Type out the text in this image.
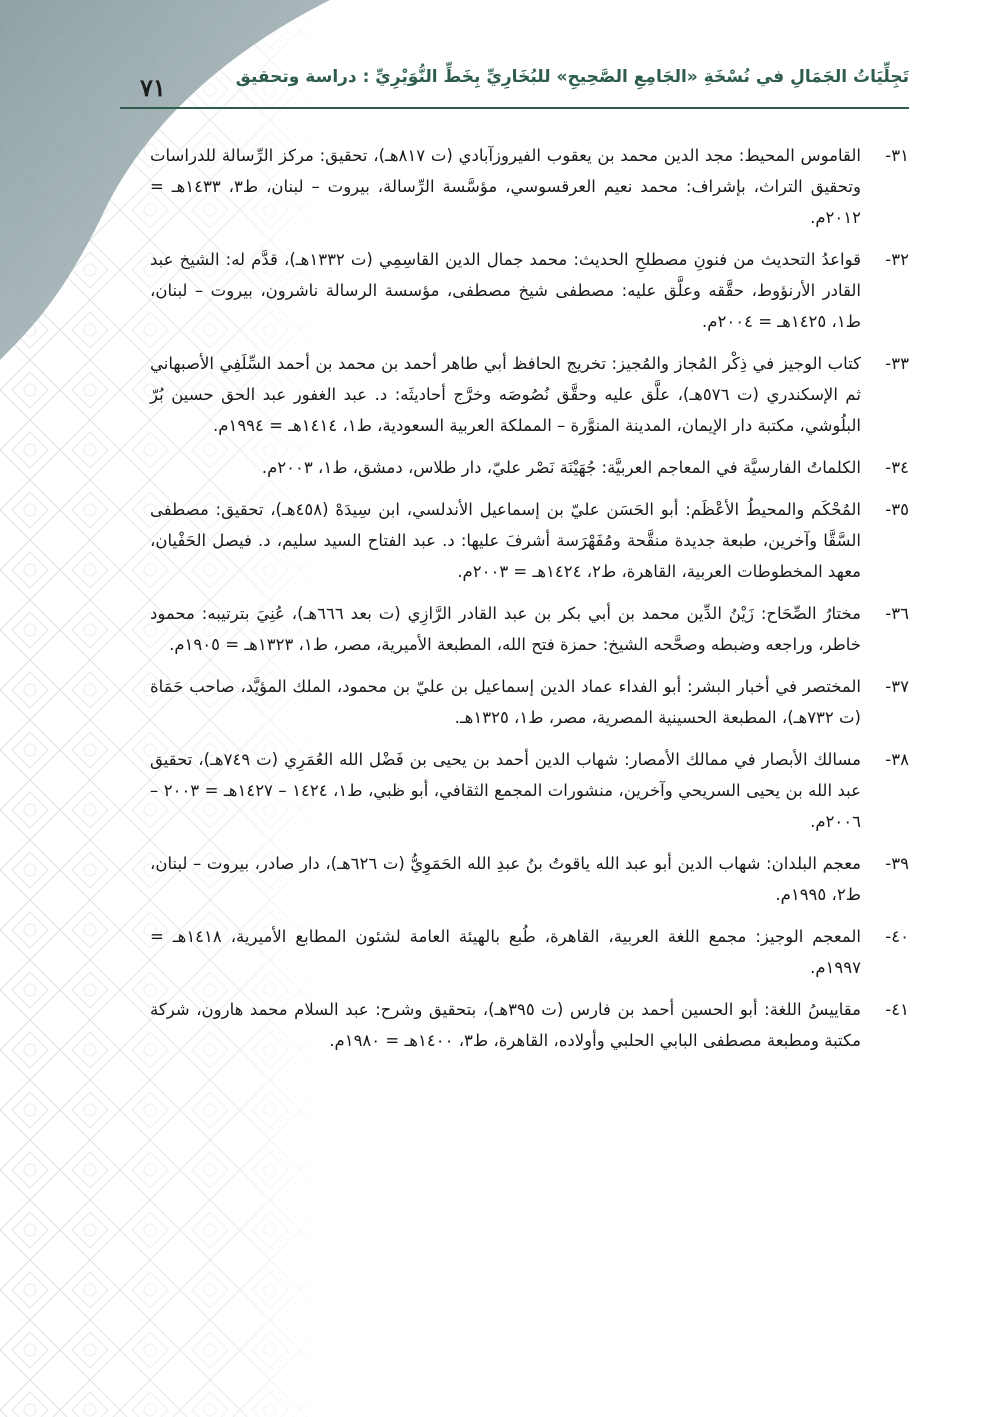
٧١	تَجِلِّيَاتُ الجَمَالِ في نُسْخَةِ «الجَامِعِ الصَّحِيحِ» للبُخَارِيِّ بِخَطِّ النُّوَيْرِيِّ : دراسة وتحقيق
٣١-
القاموس المحيط: مجد الدين محمد بن يعقوب الفيروزآبادي (ت ٨١٧هـ)، تحقيق: مركز الرِّسالة للدراسات وتحقيق التراث، بإشراف: محمد نعيم العرقسوسي، مؤسَّسة الرِّسالة، بيروت – لبنان، ط٣، ١٤٣٣هـ = ٢٠١٢م.
٣٢-
قواعدُ التحديث من فنونِ مصطلحِ الحديث: محمد جمال الدين القاسِمِي (ت ١٣٣٢هـ)، قدَّم له: الشيخ عبد القادر الأرنؤوط، حقَّقه وعلَّق عليه: مصطفى شيخ مصطفى، مؤسسة الرسالة ناشرون، بيروت – لبنان، ط١، ١٤٢٥هـ = ٢٠٠٤م.
٣٣-
كتاب الوجيز في ذِكْر المُجاز والمُجيز: تخريج الحافظ أبي طاهر أحمد بن محمد بن أحمد السِّلَفِي الأصبهاني ثم الإسكندري (ت ٥٧٦هـ)، علَّق عليه وحقَّق نُصُوصَه وخرَّج أحاديثَه: د. عبد الغفور عبد الحق حسين بُرّ البلُوشي، مكتبة دار الإيمان، المدينة المنوَّرة – المملكة العربية السعودية، ط١، ١٤١٤هـ = ١٩٩٤م.
٣٤-
الكلماتُ الفارسيَّة في المعاجم العربيَّة: جُهَيْنَة نَصْر عليّ، دار طلاس، دمشق، ط١، ٢٠٠٣م.
٣٥-
المُحْكَم والمحيطُ الأعْظَم: أبو الحَسَن عليّ بن إسماعيل الأندلسي، ابن سِيدَهْ (٤٥٨هـ)، تحقيق: مصطفى السَّقَّا وآخرين، طبعة جديدة منقَّحة ومُفَهْرَسة أشرفَ عليها: د. عبد الفتاح السيد سليم، د. فيصل الحَفْيان، معهد المخطوطات العربية، القاهرة، ط٢، ١٤٢٤هـ = ٢٠٠٣م.
٣٦-
مختارُ الصِّحَاح: زَيْنُ الدِّين محمد بن أبي بكر بن عبد القادر الرَّازِي (ت بعد ٦٦٦هـ)، عُنِيَ بترتيبه: محمود خاطر، وراجعه وضبطه وصحَّحه الشيخ: حمزة فتح الله، المطبعة الأميرية، مصر، ط١، ١٣٢٣هـ = ١٩٠٥م.
٣٧-
المختصر في أخبار البشر: أبو الفداء عماد الدين إسماعيل بن عليّ بن محمود، الملك المؤيَّد، صاحب حَمَاة (ت ٧٣٢هـ)، المطبعة الحسينية المصرية، مصر، ط١، ١٣٢٥هـ.
٣٨-
مسالك الأبصار في ممالك الأمصار: شهاب الدين أحمد بن يحيى بن فَضْل الله العُمَرِي (ت ٧٤٩هـ)، تحقيق عبد الله بن يحيى السريحي وآخرين، منشورات المجمع الثقافي، أبو ظبي، ط١، ١٤٢٤ – ١٤٢٧هـ = ٢٠٠٣ – ٢٠٠٦م.
٣٩-
معجم البلدان: شهاب الدين أبو عبد الله ياقوتُ بنُ عبدِ الله الحَمَوِيُّ (ت ٦٢٦هـ)، دار صادر، بيروت – لبنان، ط٢، ١٩٩٥م.
٤٠-
المعجم الوجيز: مجمع اللغة العربية، القاهرة، طُبع بالهيئة العامة لشئون المطابع الأميرية، ١٤١٨هـ = ١٩٩٧م.
٤١-
مقاييسُ اللغة: أبو الحسين أحمد بن فارس (ت ٣٩٥هـ)، بتحقيق وشرح: عبد السلام محمد هارون، شركة مكتبة ومطبعة مصطفى البابي الحلبي وأولاده، القاهرة، ط٣، ١٤٠٠هـ = ١٩٨٠م.
